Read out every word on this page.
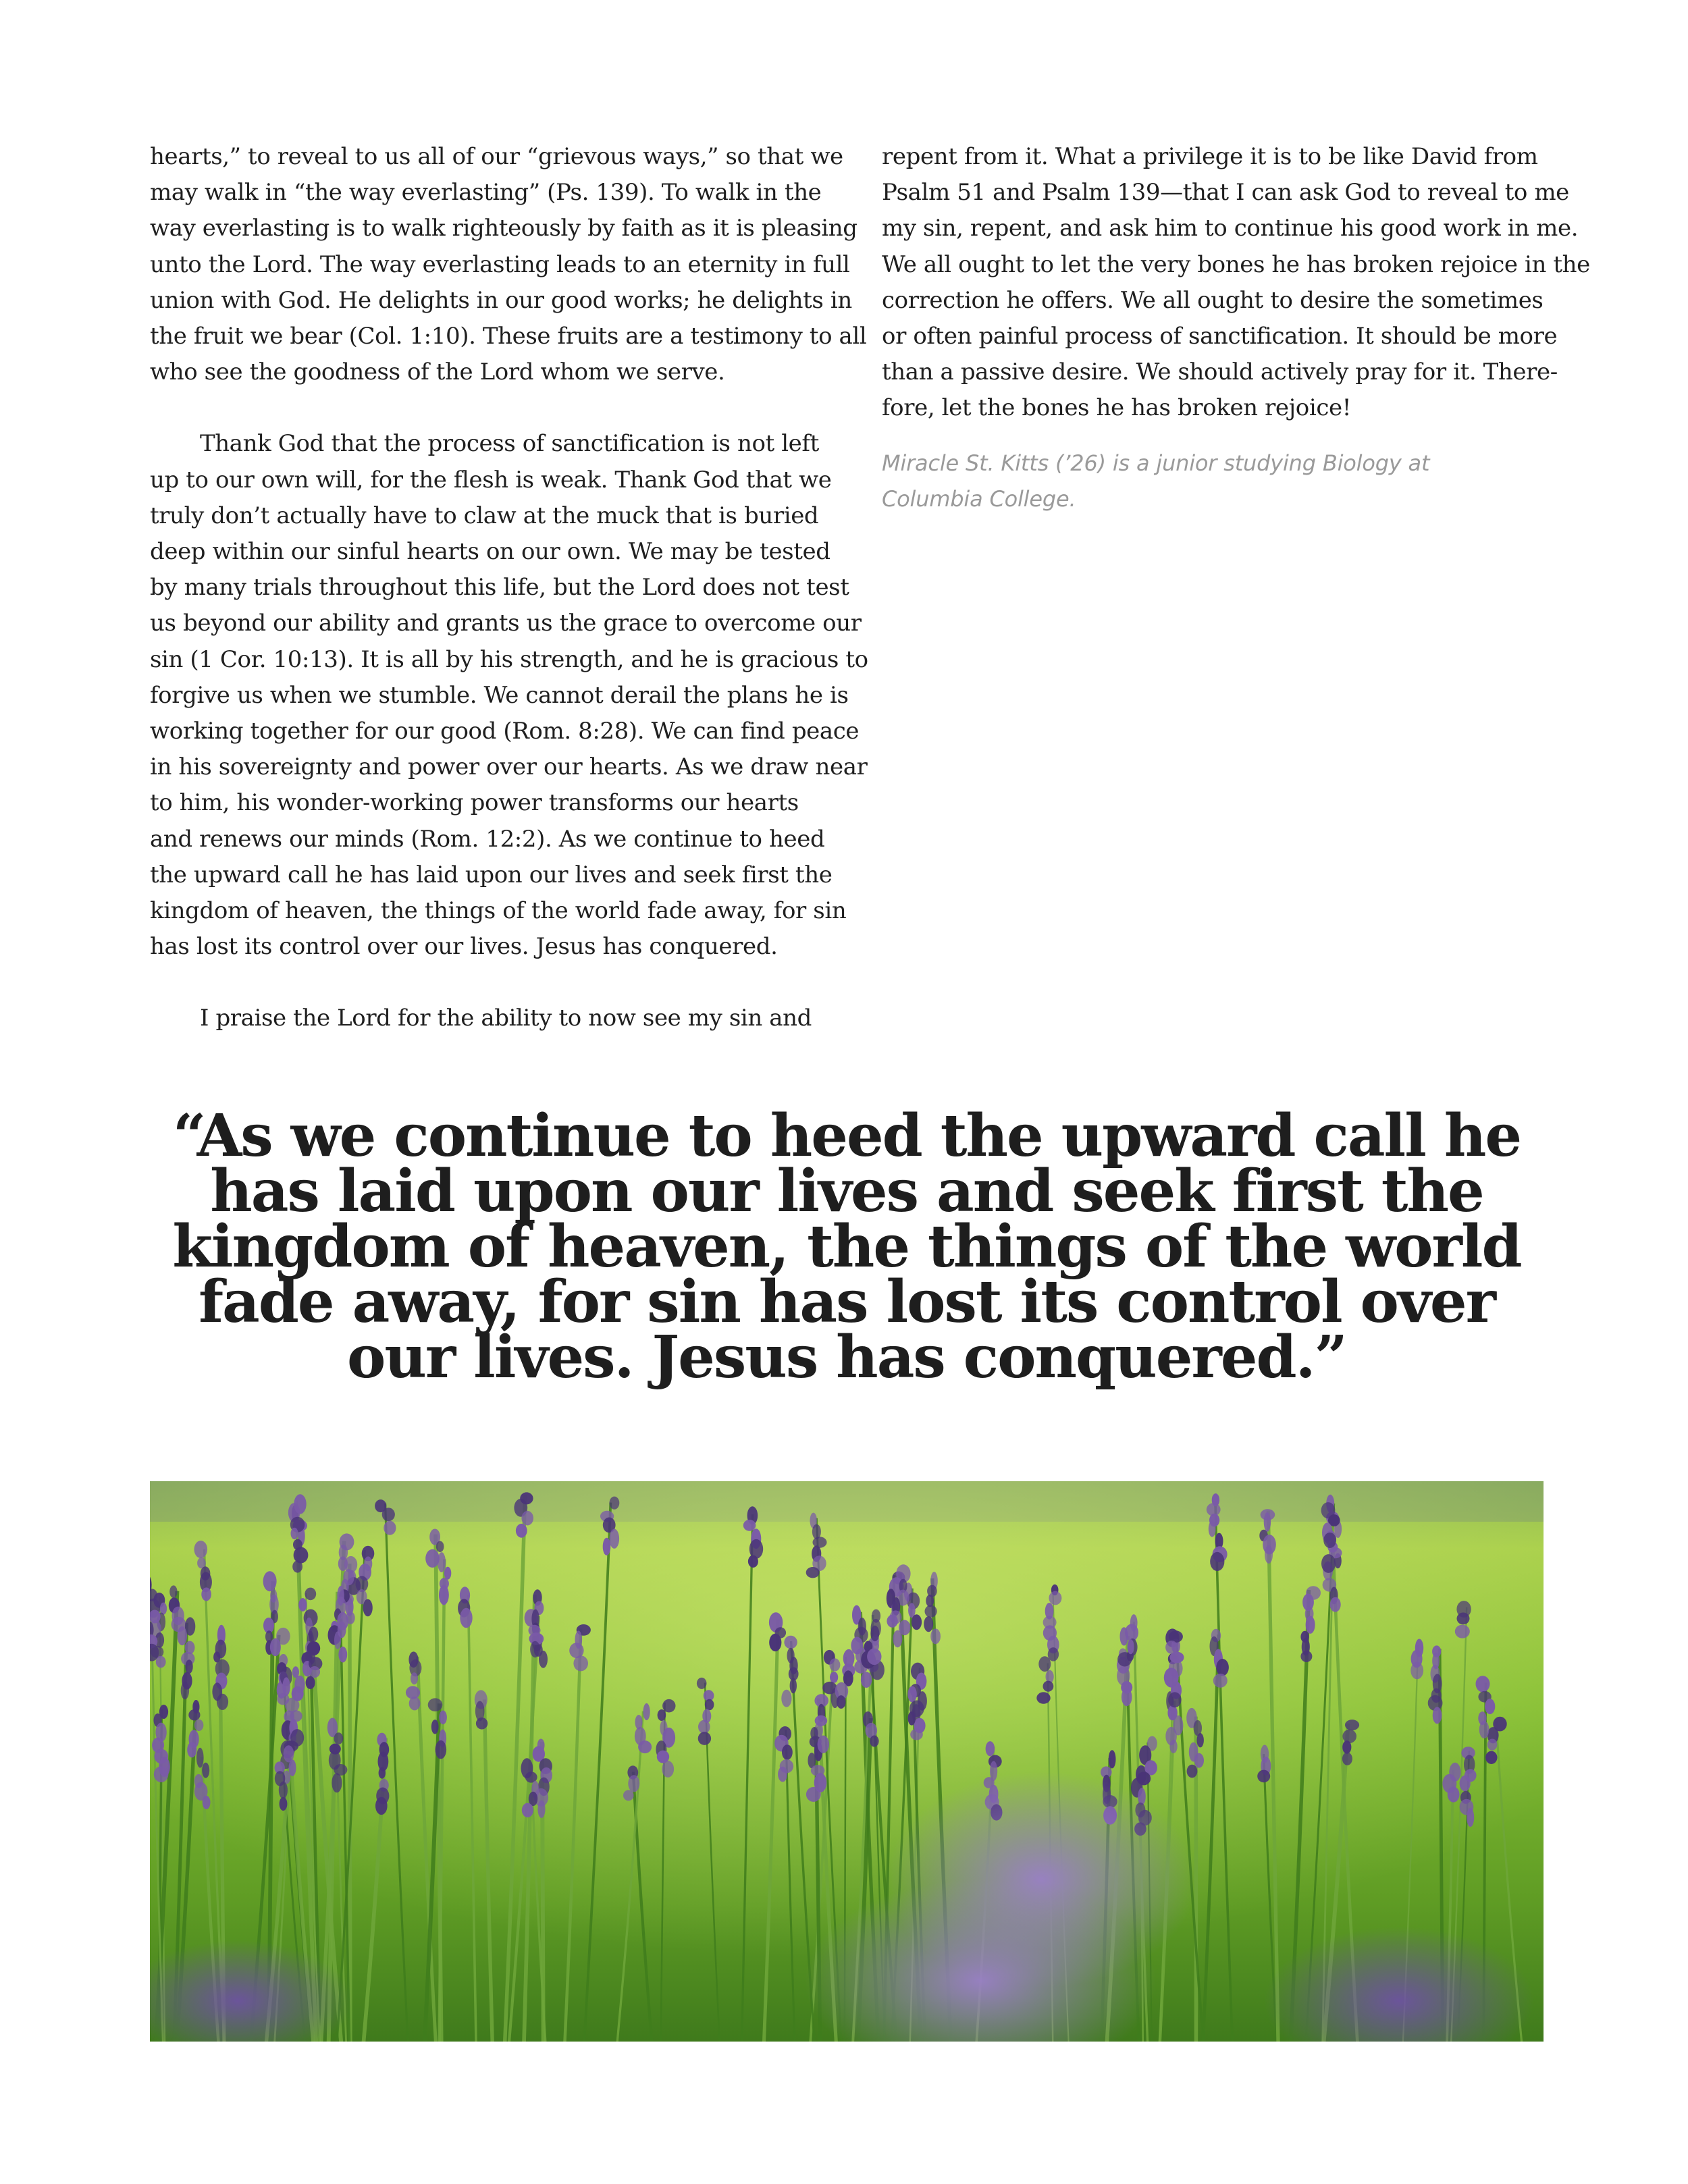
hearts,” to reveal to us all of our “grievous ways,” so that we
may walk in “the way everlasting” (Ps. 139). To walk in the
way everlasting is to walk righteously by faith as it is pleasing
unto the Lord. The way everlasting leads to an eternity in full
union with God. He delights in our good works; he delights in
the fruit we bear (Col. 1:10). These fruits are a testimony to all
who see the goodness of the Lord whom we serve.
Thank God that the process of sanctification is not left
up to our own will, for the flesh is weak. Thank God that we
truly don’t actually have to claw at the muck that is buried
deep within our sinful hearts on our own. We may be tested
by many trials throughout this life, but the Lord does not test
us beyond our ability and grants us the grace to overcome our
sin (1 Cor. 10:13). It is all by his strength, and he is gracious to
forgive us when we stumble. We cannot derail the plans he is
working together for our good (Rom. 8:28). We can find peace
in his sovereignty and power over our hearts. As we draw near
to him, his wonder-working power transforms our hearts
and renews our minds (Rom. 12:2). As we continue to heed
the upward call he has laid upon our lives and seek first the
kingdom of heaven, the things of the world fade away, for sin
has lost its control over our lives. Jesus has conquered.
I praise the Lord for the ability to now see my sin and
repent from it. What a privilege it is to be like David from
Psalm 51 and Psalm 139—that I can ask God to reveal to me
my sin, repent, and ask him to continue his good work in me.
We all ought to let the very bones he has broken rejoice in the
correction he offers. We all ought to desire the sometimes
or often painful process of sanctification. It should be more
than a passive desire. We should actively pray for it. There-
fore, let the bones he has broken rejoice!
Miracle St. Kitts (’26) is a junior studying Biology at
Columbia College.
“As we continue to heed the upward call he
has laid upon our lives and seek first the
kingdom of heaven, the things of the world
fade away, for sin has lost its control over
our lives. Jesus has conquered.”
